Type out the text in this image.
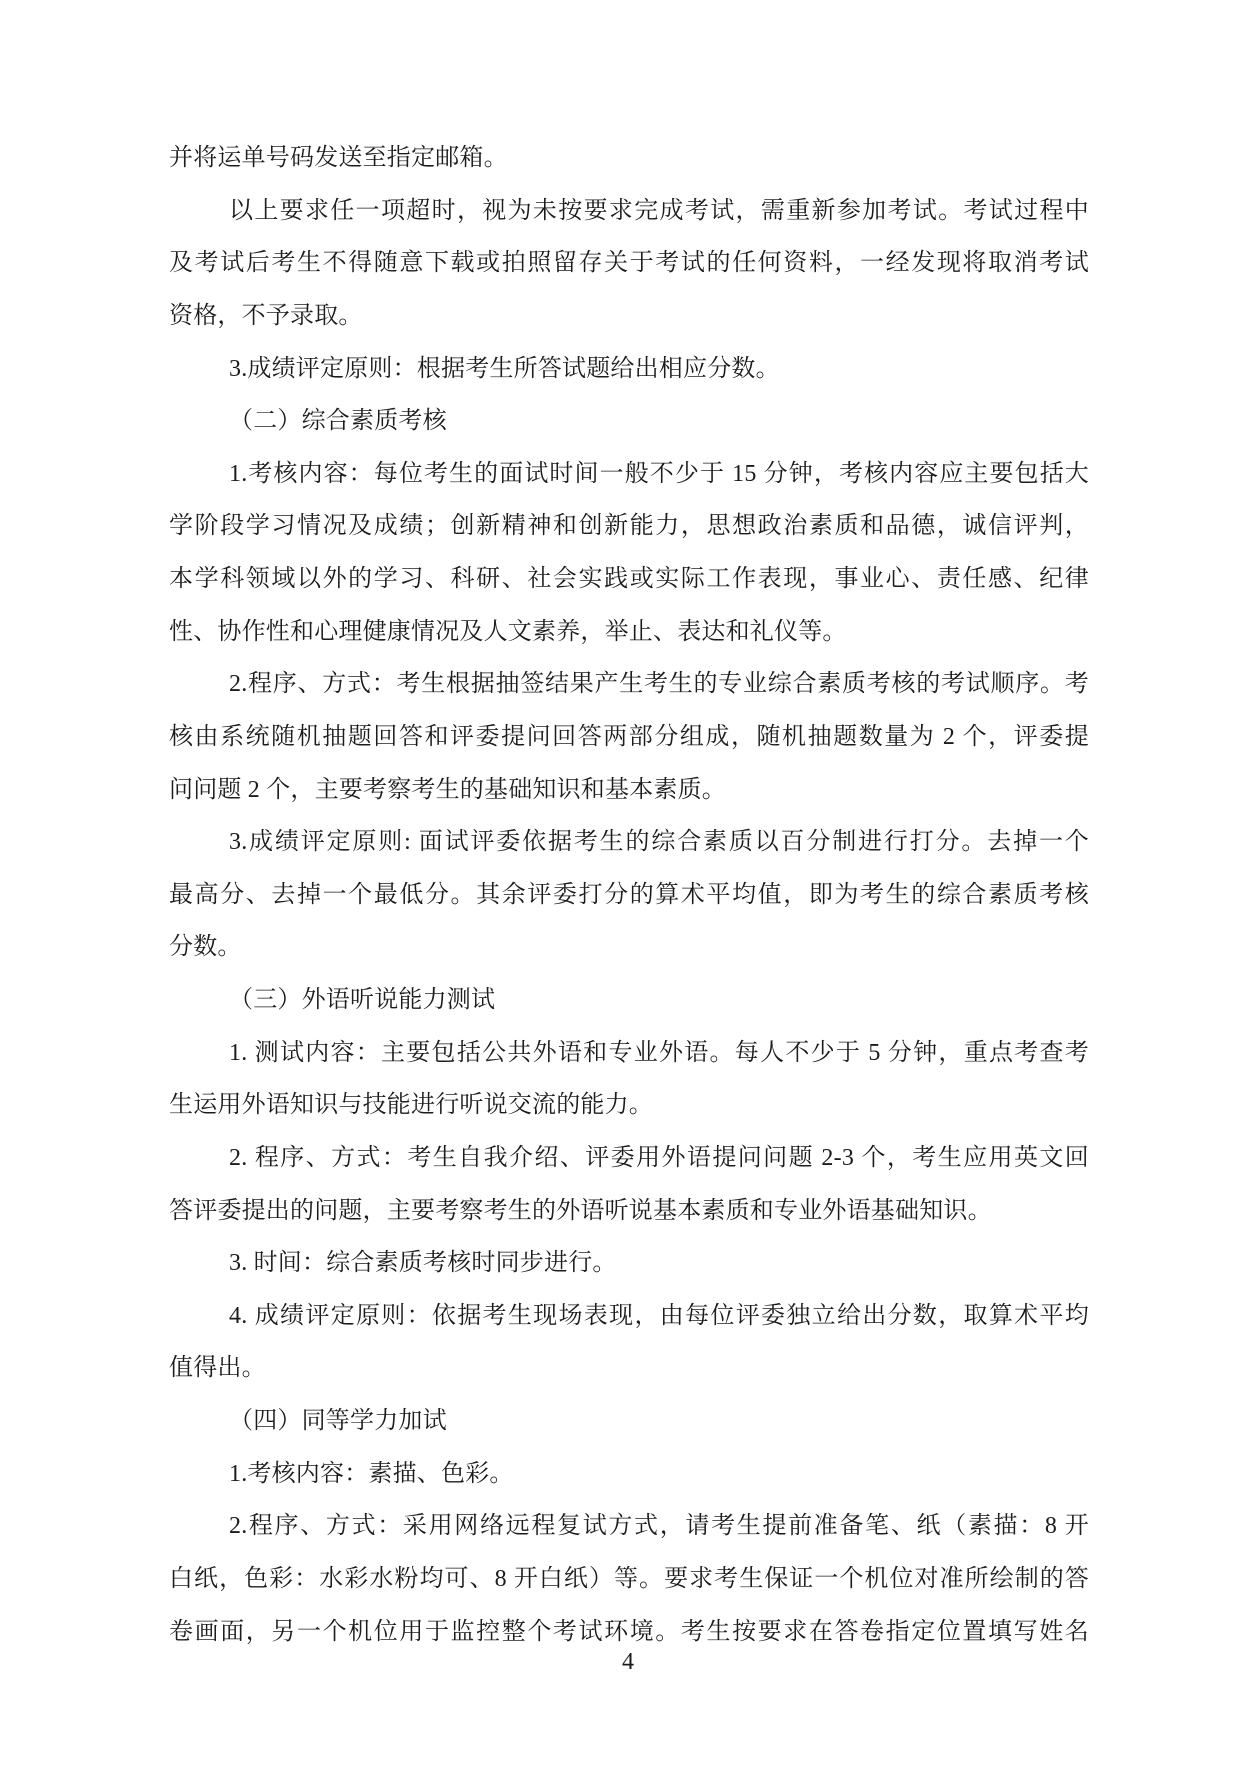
并将运单号码发送至指定邮箱。
以上要求任一项超时，视为未按要求完成考试，需重新参加考试。考试过程中
及考试后考生不得随意下载或拍照留存关于考试的任何资料，一经发现将取消考试
资格，不予录取。
3.成绩评定原则：根据考生所答试题给出相应分数。
（二）综合素质考核
1.考核内容：每位考生的面试时间一般不少于 15 分钟，考核内容应主要包括大
学阶段学习情况及成绩；创新精神和创新能力，思想政治素质和品德，诚信评判，
本学科领域以外的学习、科研、社会实践或实际工作表现，事业心、责任感、纪律
性、协作性和心理健康情况及人文素养，举止、表达和礼仪等。
2.程序、方式：考生根据抽签结果产生考生的专业综合素质考核的考试顺序。考
核由系统随机抽题回答和评委提问回答两部分组成，随机抽题数量为 2 个，评委提
问问题 2 个，主要考察考生的基础知识和基本素质。
3.成绩评定原则: 面试评委依据考生的综合素质以百分制进行打分。去掉一个
最高分、去掉一个最低分。其余评委打分的算术平均值，即为考生的综合素质考核
分数。
（三）外语听说能力测试
1. 测试内容：主要包括公共外语和专业外语。每人不少于 5 分钟，重点考查考
生运用外语知识与技能进行听说交流的能力。
2. 程序、方式：考生自我介绍、评委用外语提问问题 2-3 个，考生应用英文回
答评委提出的问题，主要考察考生的外语听说基本素质和专业外语基础知识。
3. 时间：综合素质考核时同步进行。
4. 成绩评定原则：依据考生现场表现，由每位评委独立给出分数，取算术平均
值得出。
（四）同等学力加试
1.考核内容：素描、色彩。
2.程序、方式：采用网络远程复试方式，请考生提前准备笔、纸（素描：8 开
白纸，色彩：水彩水粉均可、8 开白纸）等。要求考生保证一个机位对准所绘制的答
卷画面，另一个机位用于监控整个考试环境。考生按要求在答卷指定位置填写姓名
4
